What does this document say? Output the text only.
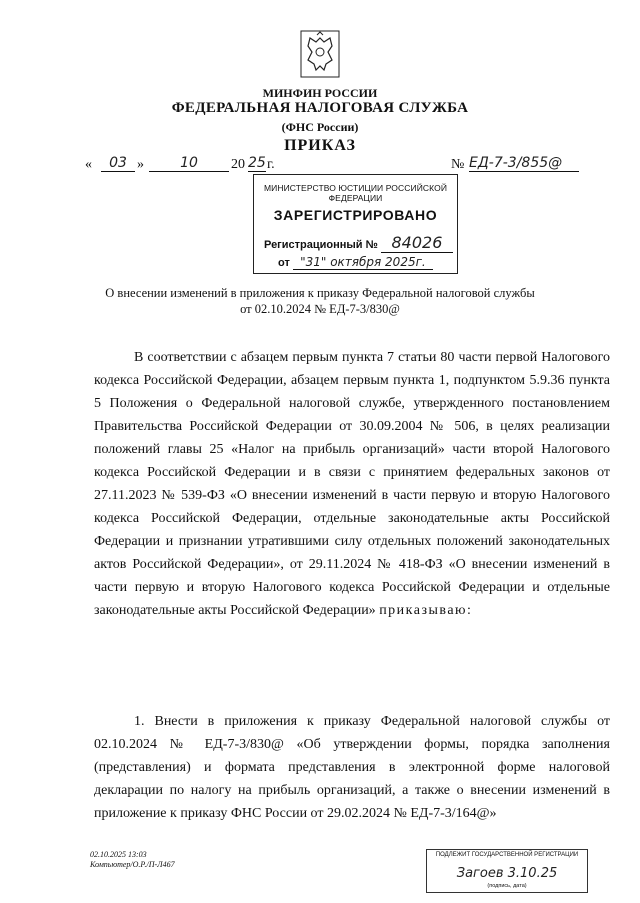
МИНФИН РОССИИ
ФЕДЕРАЛЬНАЯ НАЛОГОВАЯ СЛУЖБА
(ФНС России)
ПРИКАЗ
«	03 »	10	20 25 г.	№ ЕД-7-3/855@
МИНИСТЕРСТВО ЮСТИЦИИ РОССИЙСКОЙ ФЕДЕРАЦИИ
ЗАРЕГИСТРИРОВАНО
Регистрационный № 84026
от "31" октября 2025г.
О внесении изменений в приложения к приказу Федеральной налоговой службы
от 02.10.2024 № ЕД-7-3/830@

В соответствии с абзацем первым пункта 7 статьи 80 части первой Налогового кодекса Российской Федерации, абзацем первым пункта 1, подпунктом 5.9.36 пункта 5 Положения о Федеральной налоговой службе, утвержденного постановлением Правительства Российской Федерации от 30.09.2004 № 506, в целях реализации положений главы 25 «Налог на прибыль организаций» части второй Налогового кодекса Российской Федерации и в связи с принятием федеральных законов от 27.11.2023 № 539-ФЗ «О внесении изменений в части первую и вторую Налогового кодекса Российской Федерации, отдельные законодательные акты Российской Федерации и признании утратившими силу отдельных положений законодательных актов Российской Федерации», от 29.11.2024 № 418-ФЗ «О внесении изменений в части первую и вторую Налогового кодекса Российской Федерации и отдельные законодательные акты Российской Федерации» приказываю:

1. Внести в приложения к приказу Федеральной налоговой службы от 02.10.2024 № ЕД-7-3/830@ «Об утверждении формы, порядка заполнения (представления) и формата представления в электронной форме налоговой декларации по налогу на прибыль организаций, а также о внесении изменений в приложение к приказу ФНС России от 29.02.2024 № ЕД-7-3/164@»

02.10.2025 13:03
Компьютер/О.Р./П-Л467
ПОДЛЕЖИТ ГОСУДАРСТВЕННОЙ РЕГИСТРАЦИИ
Загоев 3.10.25
(подпись, дата)
